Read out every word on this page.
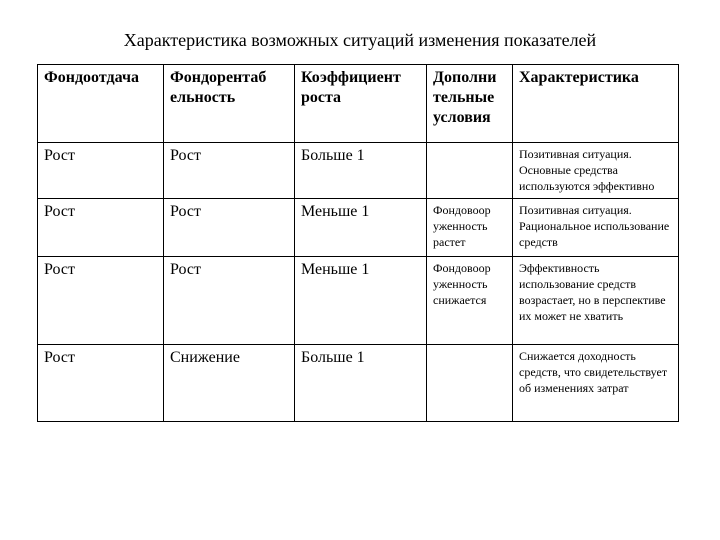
Характеристика возможных ситуаций изменения показателей
Фондоотдача	Фондорентаб ельность	Коэффициент роста	Дополни тельные условия	Характеристика
Рост	Рост	Больше 1		Позитивная ситуация. Основные средства используются эффективно
Рост	Рост	Меньше 1	Фондовоор уженность растет	Позитивная ситуация. Рациональное использование средств
Рост	Рост	Меньше 1	Фондовоор уженность снижается	Эффективность использование средств возрастает, но в перспективе их может не хватить
Рост	Снижение	Больше 1		Снижается доходность средств, что свидетельствует об изменениях затрат
